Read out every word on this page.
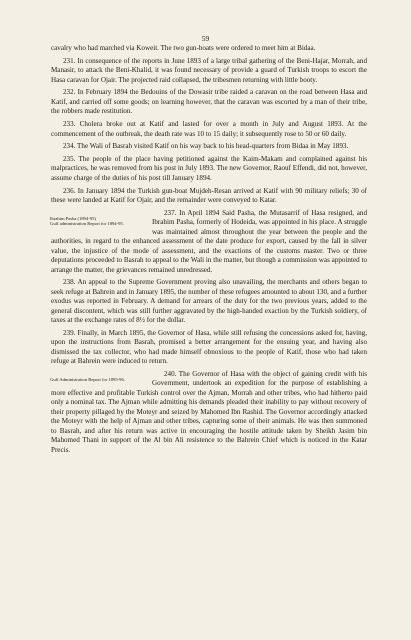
59

cavalry who had marched via Koweit. The two gun-boats were ordered to meet him at Bidaa.

231. In consequence of the reports in June 1893 of a large tribal gathering of the Beni-Hajar, Morrah, and Manasir, to attack the Beni-Khalid, it was found necessary of provide a guard of Turkish troops to escort the Hasa caravan for Ojair. The projected raid collapsed, the tribesmen returning with little booty.

232. In February 1894 the Bedouins of the Dowasir tribe raided a caravan on the road between Hasa and Katif, and carried off some goods; on learning however, that the caravan was escorted by a man of their tribe, the robbers made restitution.

233. Cholera broke out at Katif and lasted for over a month in July and August 1893. At the commencement of the outbreak, the death rate was 10 to 15 daily; it subsequently rose to 50 or 60 daily.

234. The Wali of Basrah visited Katif on his way back to his head-quarters from Bidaa in May 1893.

235. The people of the place having petitioned against the Kaim-Makam and complained against his malpractices, he was removed from his post in July 1893. The new Governor, Raouf Effendi, did not, however, assume charge of the duties of his post till January 1894.

236. In January 1894 the Turkish gun-boat Mujdeh-Resan arrived at Katif with 90 military reliefs; 30 of these were landed at Katif for Ojair, and the remainder were conveyed to Katar.

Ibrahim Pasha (1894-95)
Gulf administration Report for 1894-95.
237. In April 1894 Said Pasha, the Mutasarrif of Hasa resigned, and Ibrahim Pasha, formerly of Hodeida, was appointed in his place. A struggle was maintained almost throughout the year between the people and the authorities, in regard to the enhanced assessment of the date produce for export, caused by the fall in silver value, the injustice of the mode of assessment, and the exactions of the customs master. Two or three deputations proceeded to Basrah to appeal to the Wali in the matter, but though a commission was appointed to arrange the matter, the grievances remained unredressed.

238. An appeal to the Supreme Government proving also unavailing, the merchants and others began to seek refuge at Bahrein and in January 1895, the number of these refugees amounted to about 130, and a further exodus was reported in February. A demand for arrears of the duty for the two previous years, added to the general discontent, which was still further aggravated by the high-handed exaction by the Turkish soldiery, of taxes at the exchange rates of 8½ for the dollar.

239. Finally, in March 1895, the Governor of Hasa, while still refusing the concessions asked for, having, upon the instructions from Basrah, promised a better arrangement for the ensuing year, and having also dismissed the tax collector, who had made himself obnoxious to the people of Katif, those who had taken refuge at Bahrein were induced to return.

Gulf Administration Report for 1895-96.
240. The Governor of Hasa with the object of gaining credit with his Government, undertook an expedition for the purpose of establishing a more effective and profitable Turkish control over the Ajman, Morrah and other tribes, who had hitherto paid only a nominal tax. The Ajman while admitting his demands pleaded their inability to pay without recovery of their property pillaged by the Moteyr and seized by Mahomed Ibn Rashid. The Governor accordingly attacked the Moteyr with the help of Ajman and other tribes, capturing some of their animals. He was then summoned to Basrah, and after his return was active in encouraging the hostile attitude taken by Sheikh Jasim bin Mahomed Thani in support of the Al bin Ali resistence to the Bahrein Chief which is noticed in the Katar Precis.
